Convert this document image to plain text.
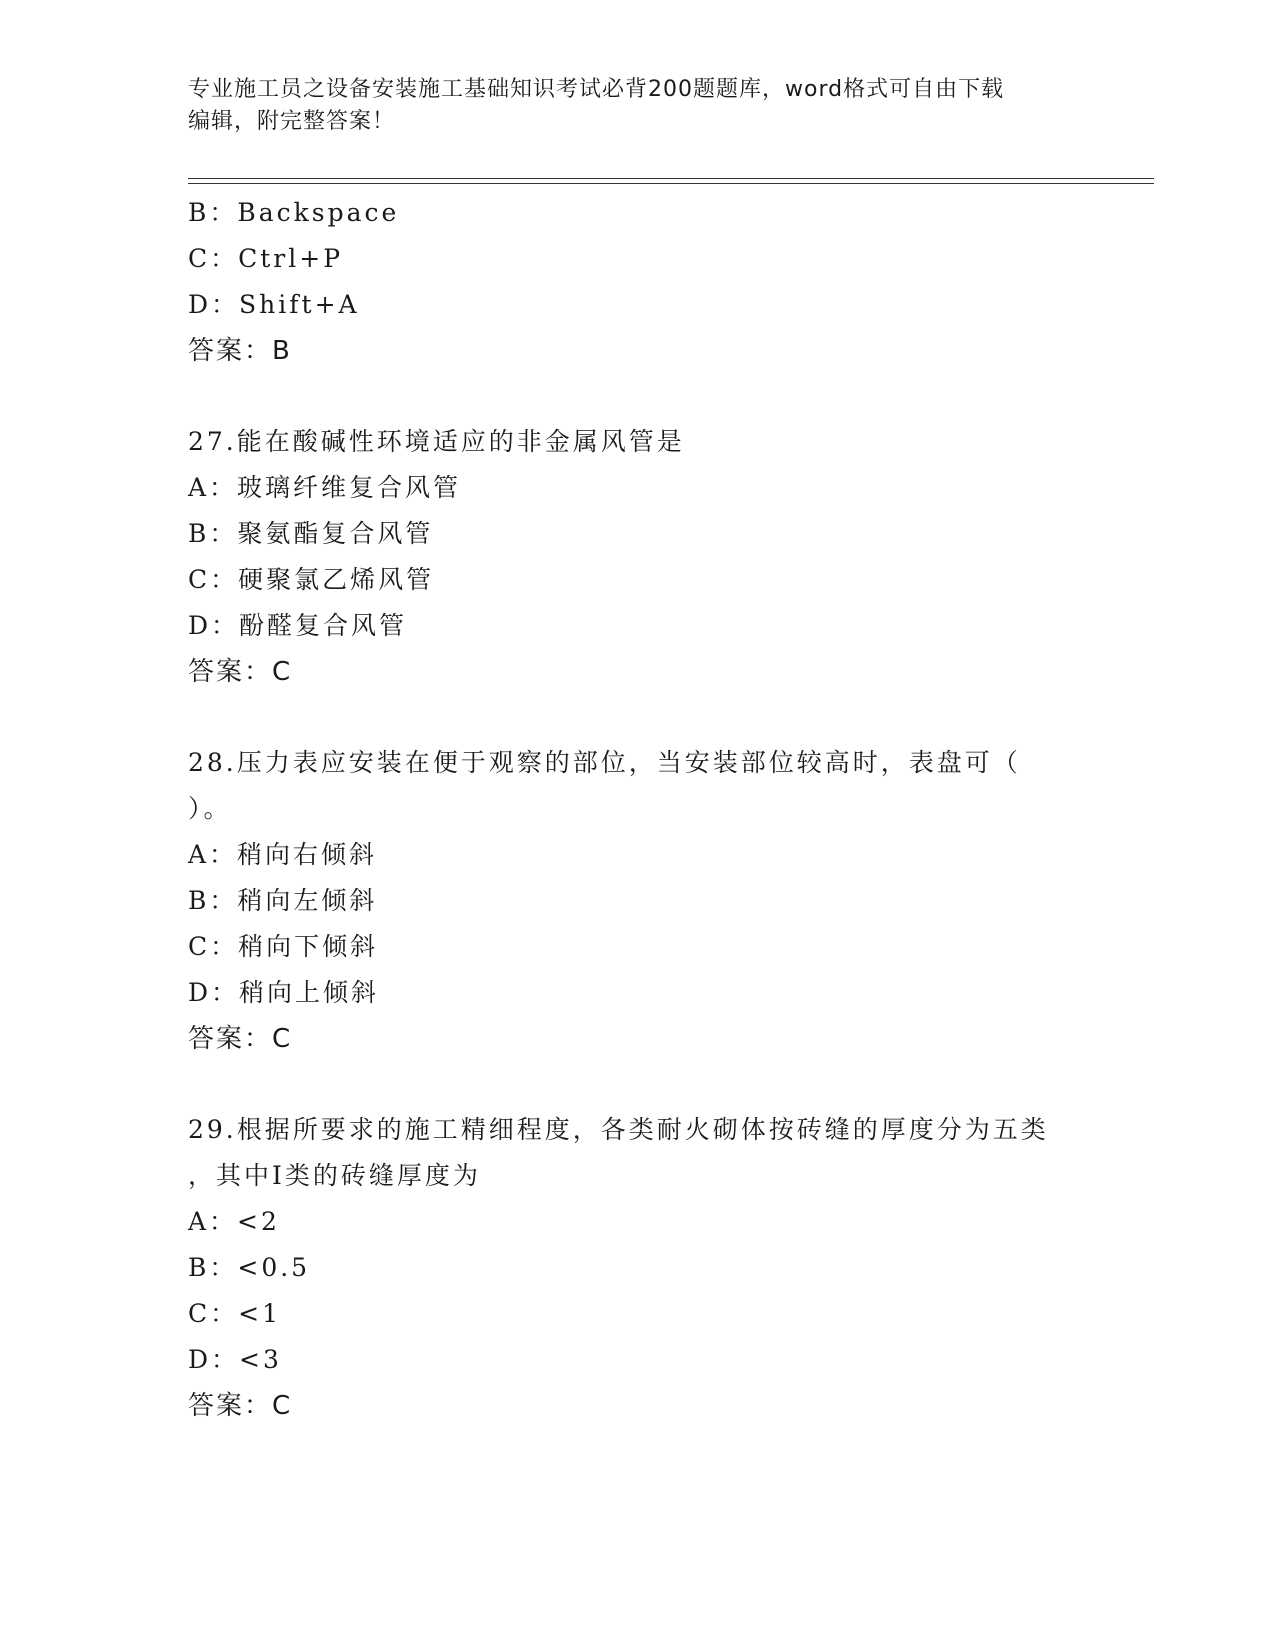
专业施工员之设备安装施工基础知识考试必背200题题库，word格式可自由下载
编辑，附完整答案！
B：Backspace
C：Ctrl+P
D：Shift+A
答案：B
27.能在酸碱性环境适应的非金属风管是
A：玻璃纤维复合风管
B：聚氨酯复合风管
C：硬聚氯乙烯风管
D：酚醛复合风管
答案：C
28.压力表应安装在便于观察的部位，当安装部位较高时，表盘可（
）。
A：稍向右倾斜
B：稍向左倾斜
C：稍向下倾斜
D：稍向上倾斜
答案：C
29.根据所要求的施工精细程度，各类耐火砌体按砖缝的厚度分为五类
，其中I类的砖缝厚度为
A：<2
B：<0.5
C：<1
D：<3
答案：C
